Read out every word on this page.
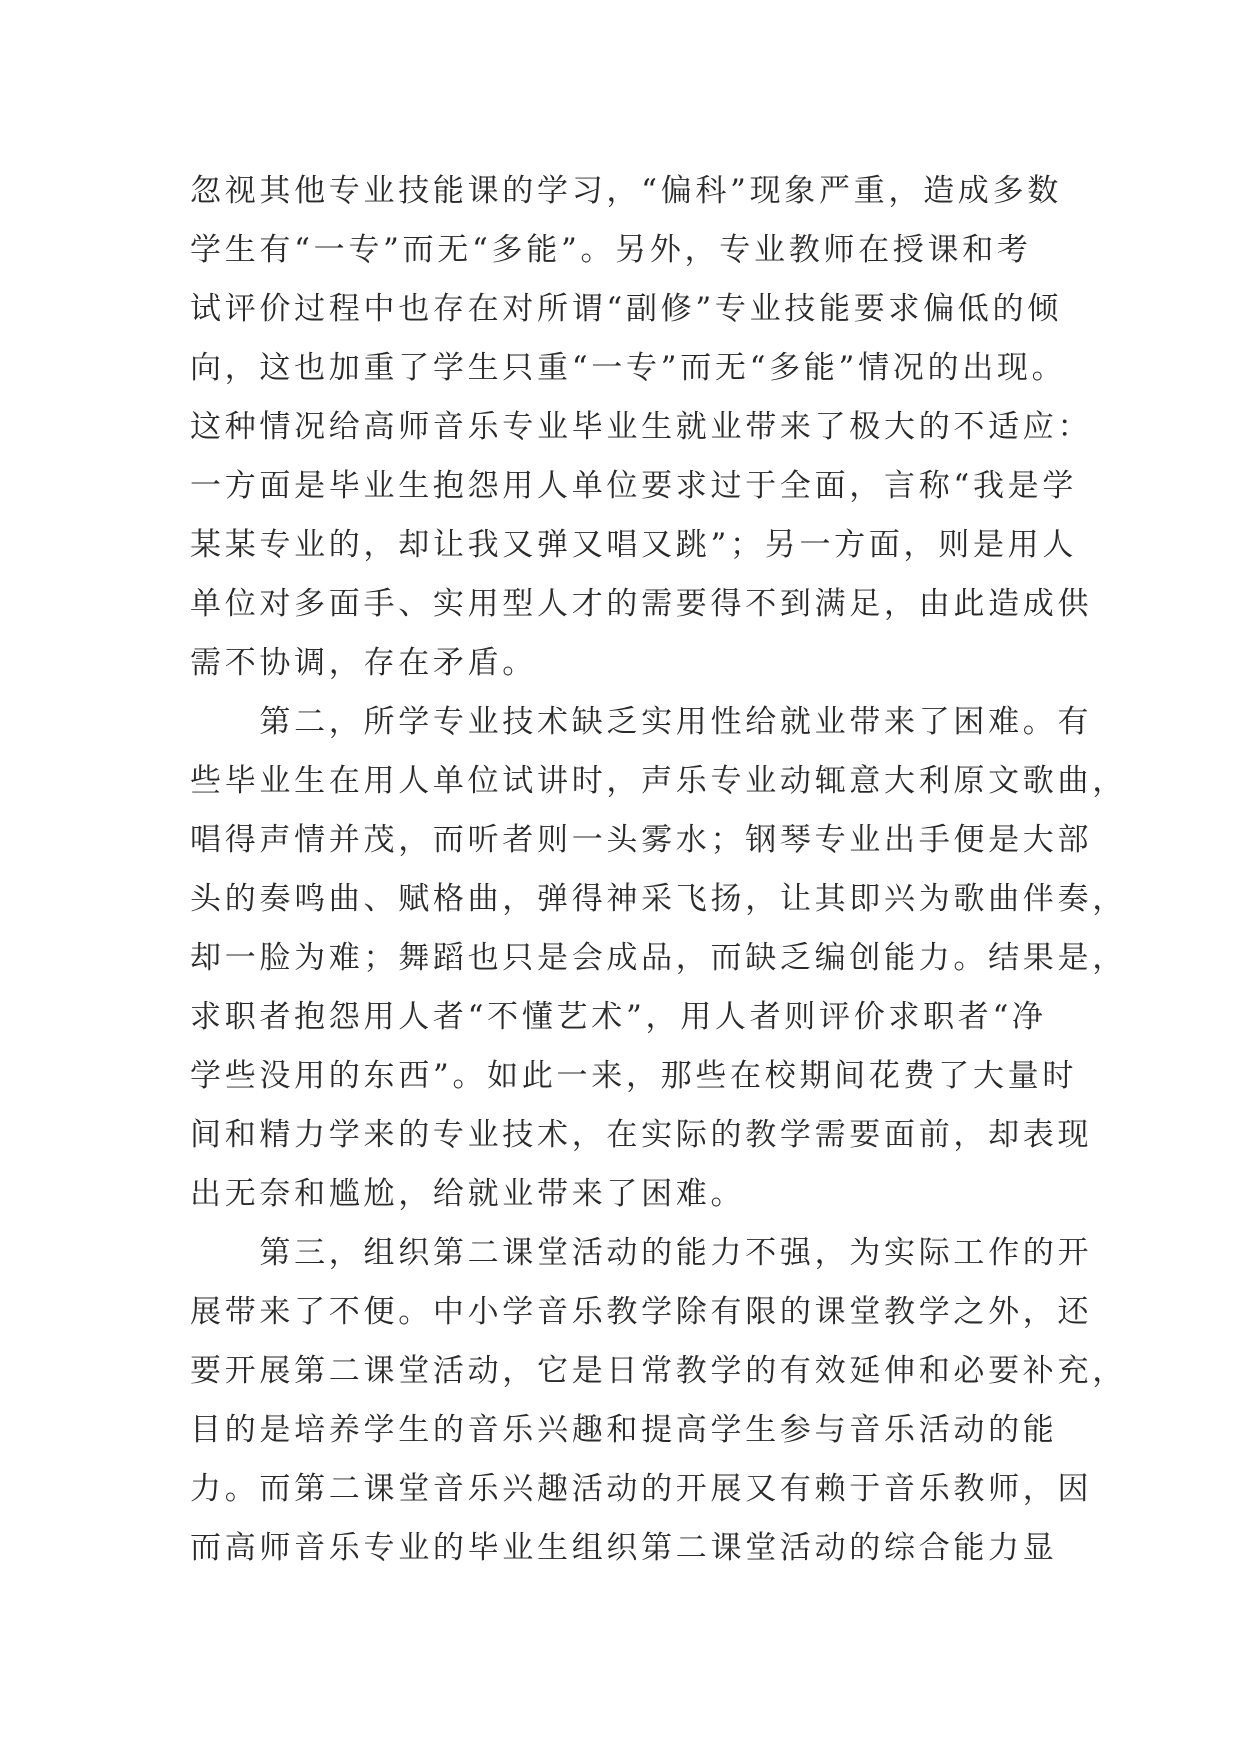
忽视其他专业技能课的学习，“偏科”现象严重，造成多数
学生有“一专”而无“多能”。另外，专业教师在授课和考
试评价过程中也存在对所谓“副修”专业技能要求偏低的倾
向，这也加重了学生只重“一专”而无“多能”情况的出现。
这种情况给高师音乐专业毕业生就业带来了极大的不适应：
一方面是毕业生抱怨用人单位要求过于全面，言称“我是学
某某专业的，却让我又弹又唱又跳”；另一方面，则是用人
单位对多面手、实用型人才的需要得不到满足，由此造成供
需不协调，存在矛盾。
　　第二，所学专业技术缺乏实用性给就业带来了困难。有
些毕业生在用人单位试讲时，声乐专业动辄意大利原文歌曲，
唱得声情并茂，而听者则一头雾水；钢琴专业出手便是大部
头的奏鸣曲、赋格曲，弹得神采飞扬，让其即兴为歌曲伴奏，
却一脸为难；舞蹈也只是会成品，而缺乏编创能力。结果是，
求职者抱怨用人者“不懂艺术”，用人者则评价求职者“净
学些没用的东西”。如此一来，那些在校期间花费了大量时
间和精力学来的专业技术，在实际的教学需要面前，却表现
出无奈和尴尬，给就业带来了困难。
　　第三，组织第二课堂活动的能力不强，为实际工作的开
展带来了不便。中小学音乐教学除有限的课堂教学之外，还
要开展第二课堂活动，它是日常教学的有效延伸和必要补充，
目的是培养学生的音乐兴趣和提高学生参与音乐活动的能
力。而第二课堂音乐兴趣活动的开展又有赖于音乐教师，因
而高师音乐专业的毕业生组织第二课堂活动的综合能力显
